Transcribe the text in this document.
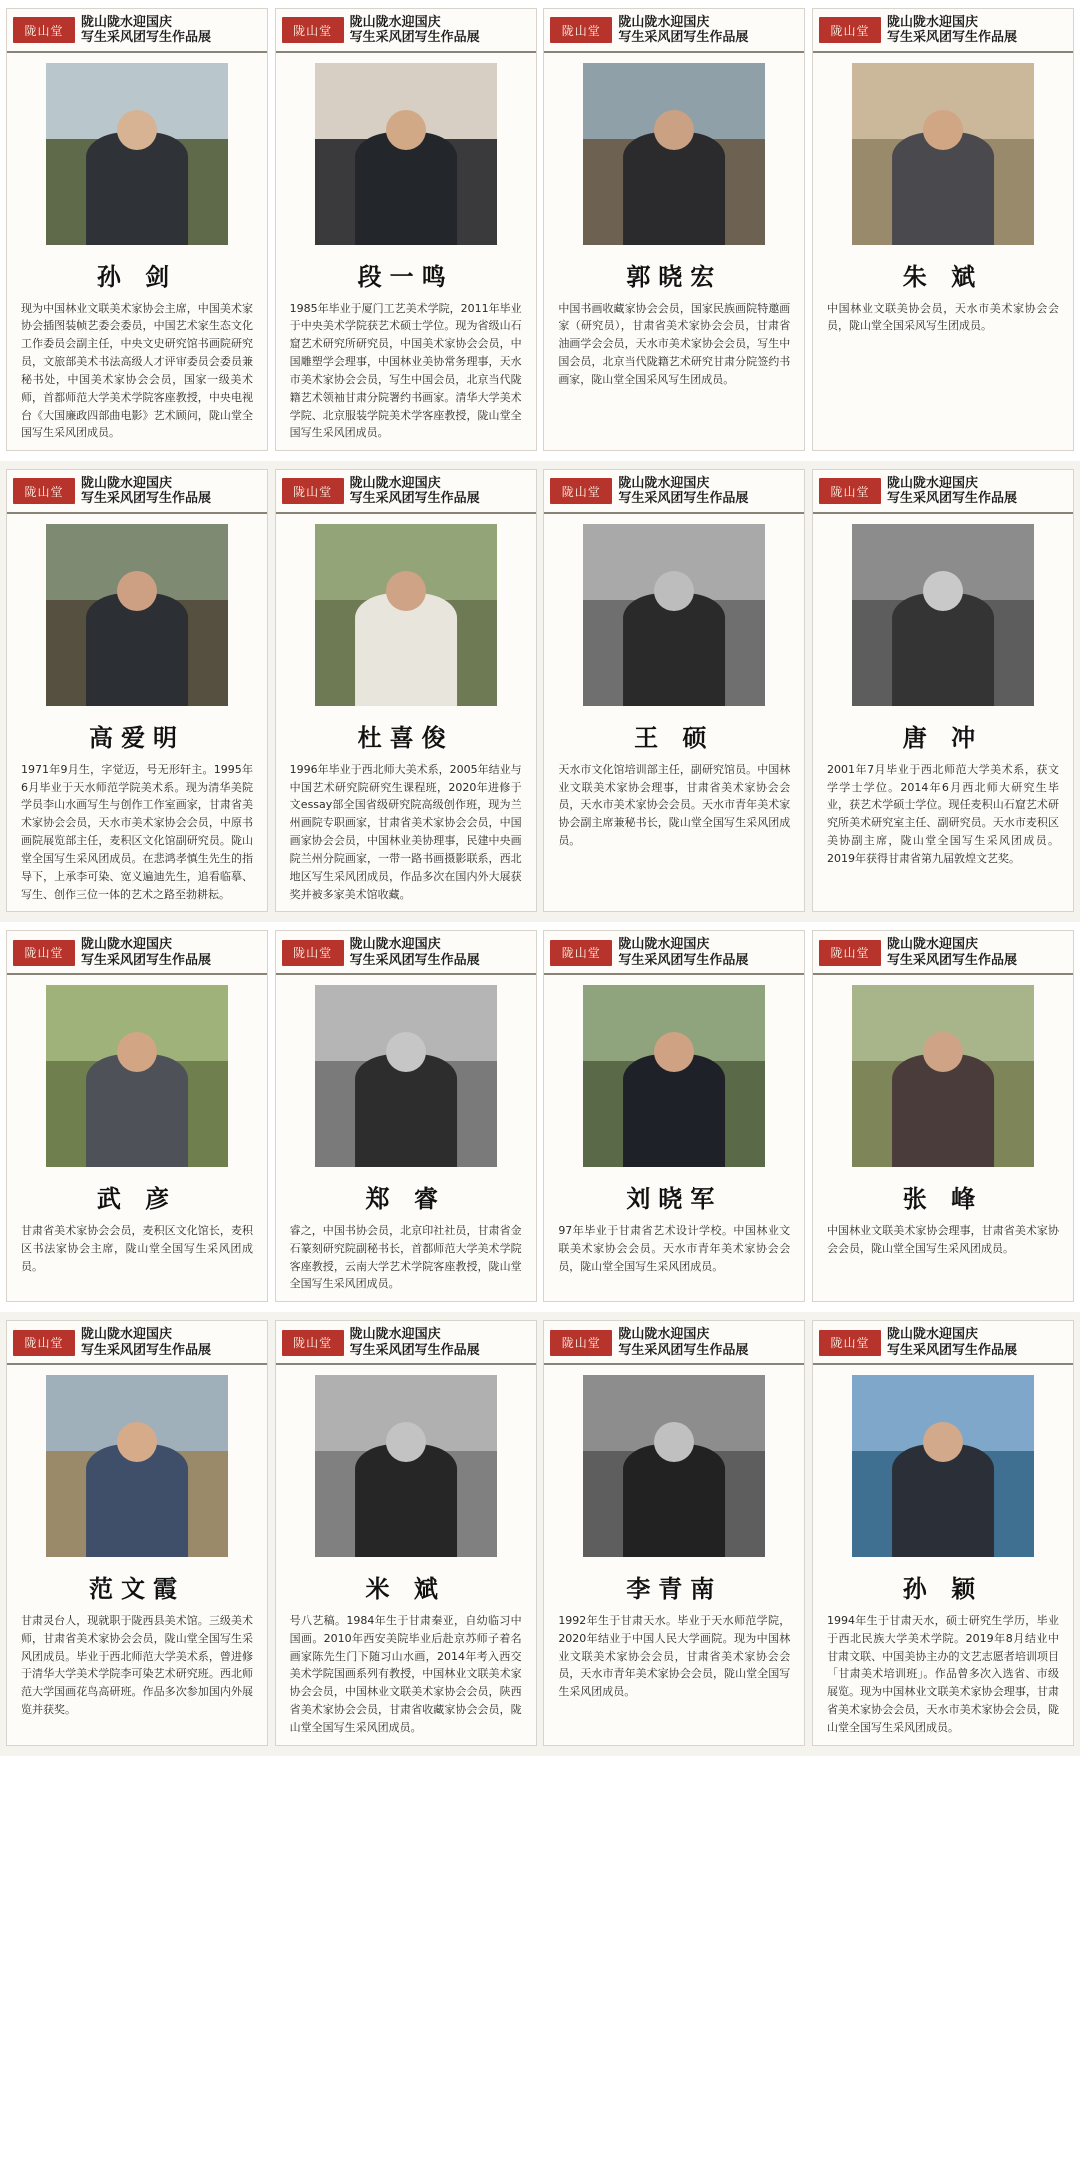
陇山堂
陇山陇水迎国庆
写生采风团写生作品展
孙 剑
现为中国林业文联美术家协会主席，中国美术家协会插图装帧艺委会委员，中国艺术家生态文化工作委员会副主任，中央文史研究馆书画院研究员，文旅部美术书法高级人才评审委员会委员兼秘书处，中国美术家协会会员，国家一级美术师，首都师范大学美术学院客座教授，中央电视台《大国廉政四部曲电影》艺术顾问，陇山堂全国写生采风团成员。
陇山堂
陇山陇水迎国庆
写生采风团写生作品展
段一鸣
1985年毕业于厦门工艺美术学院，2011年毕业于中央美术学院获艺术硕士学位。现为省级山石窟艺术研究所研究员，中国美术家协会会员，中国雕塑学会理事，中国林业美协常务理事，天水市美术家协会会员，写生中国会员，北京当代陇籍艺术领袖甘肃分院署约书画家。清华大学美术学院、北京服装学院美术学客座教授，陇山堂全国写生采风团成员。
陇山堂
陇山陇水迎国庆
写生采风团写生作品展
郭晓宏
中国书画收藏家协会会员，国家民族画院特邀画家（研究员），甘肃省美术家协会会员，甘肃省油画学会会员，天水市美术家协会会员，写生中国会员，北京当代陇籍艺术研究甘肃分院签约书画家，陇山堂全国采风写生团成员。
陇山堂
陇山陇水迎国庆
写生采风团写生作品展
朱 斌
中国林业文联美协会员，天水市美术家协会会员，陇山堂全国采风写生团成员。
陇山堂
陇山陇水迎国庆
写生采风团写生作品展
高爱明
1971年9月生，字觉迈，号无形轩主。1995年6月毕业于天水师范学院美术系。现为清华美院学员李山水画写生与创作工作室画家，甘肃省美术家协会会员，天水市美术家协会会员，中原书画院展览部主任，麦积区文化馆副研究员。陇山堂全国写生采风团成员。在悲鸿孝慎生先生的指导下，上承李可染、宽义遍迪先生，追看临摹、写生、创作三位一体的艺术之路至勃耕耘。
陇山堂
陇山陇水迎国庆
写生采风团写生作品展
杜喜俊
1996年毕业于西北师大美术系，2005年结业与中国艺术研究院研究生课程班，2020年进修于文essay部全国省级研究院高级创作班，现为兰州画院专职画家，甘肃省美术家协会会员，中国画家协会会员，中国林业美协理事，民建中央画院兰州分院画家，一带一路书画摄影联系，西北地区写生采风团成员，作品多次在国内外大展获奖并被多家美术馆收藏。
陇山堂
陇山陇水迎国庆
写生采风团写生作品展
王 硕
天水市文化馆培训部主任，副研究馆员。中国林业文联美术家协会理事，甘肃省美术家协会会员，天水市美术家协会会员。天水市青年美术家协会副主席兼秘书长，陇山堂全国写生采风团成员。
陇山堂
陇山陇水迎国庆
写生采风团写生作品展
唐 冲
2001年7月毕业于西北师范大学美术系，获文学学士学位。2014年6月西北师大研究生毕业，获艺术学硕士学位。现任麦积山石窟艺术研究所美术研究室主任、副研究员。天水市麦积区美协副主席，陇山堂全国写生采风团成员。2019年获得甘肃省第九届敦煌文艺奖。
陇山堂
陇山陇水迎国庆
写生采风团写生作品展
武 彦
甘肃省美术家协会会员，麦积区文化馆长，麦积区书法家协会主席，陇山堂全国写生采风团成员。
陇山堂
陇山陇水迎国庆
写生采风团写生作品展
郑 睿
睿之，中国书协会员，北京印社社员，甘肃省金石篆刻研究院副秘书长，首都师范大学美术学院客座教授，云南大学艺术学院客座教授，陇山堂全国写生采风团成员。
陇山堂
陇山陇水迎国庆
写生采风团写生作品展
刘晓军
97年毕业于甘肃省艺术设计学校。中国林业文联美术家协会会员。天水市青年美术家协会会员，陇山堂全国写生采风团成员。
陇山堂
陇山陇水迎国庆
写生采风团写生作品展
张 峰
中国林业文联美术家协会理事，甘肃省美术家协会会员，陇山堂全国写生采风团成员。
陇山堂
陇山陇水迎国庆
写生采风团写生作品展
范文霞
甘肃灵台人，现就职于陇西县美术馆。三级美术师，甘肃省美术家协会会员，陇山堂全国写生采风团成员。毕业于西北师范大学美术系，曾进修于清华大学美术学院李可染艺术研究班。西北师范大学国画花鸟高研班。作品多次参加国内外展览并获奖。
陇山堂
陇山陇水迎国庆
写生采风团写生作品展
米 斌
号八艺稿。1984年生于甘肃秦亚，自幼临习中国画。2010年西安美院毕业后赴京苏师子着名画家陈先生门下随习山水画，2014年考入西交美术学院国画系列有教授，中国林业文联美术家协会会员，中国林业文联美术家协会会员，陕西省美术家协会会员，甘肃省收藏家协会会员，陇山堂全国写生采风团成员。
陇山堂
陇山陇水迎国庆
写生采风团写生作品展
李青南
1992年生于甘肃天水。毕业于天水师范学院，2020年结业于中国人民大学画院。现为中国林业文联美术家协会会员，甘肃省美术家协会会员，天水市青年美术家协会会员，陇山堂全国写生采风团成员。
陇山堂
陇山陇水迎国庆
写生采风团写生作品展
孙 颖
1994年生于甘肃天水，硕士研究生学历，毕业于西北民族大学美术学院。2019年8月结业中甘肃文联、中国美协主办的文艺志愿者培训项目「甘肃美术培训班」。作品曾多次入选省、市级展览。现为中国林业文联美术家协会理事，甘肃省美术家协会会员，天水市美术家协会会员，陇山堂全国写生采风团成员。
